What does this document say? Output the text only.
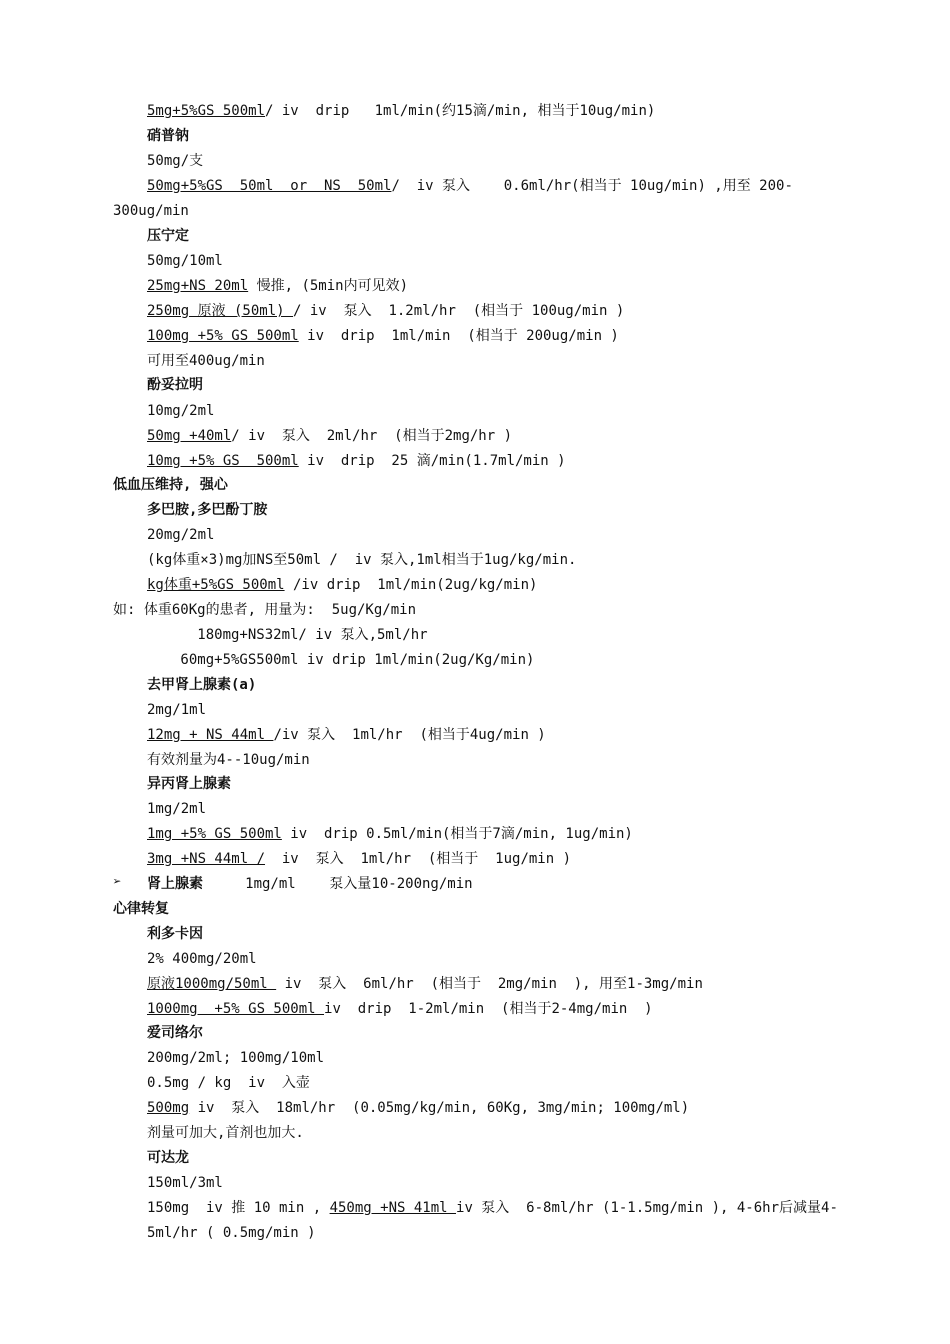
5mg+5%GS 500ml/ iv  drip   1ml/min(约15滴/min, 相当于10ug/min)
硝普钠
50mg/支
50mg+5%GS  50ml  or  NS  50ml/  iv 泵入    0.6ml/hr(相当于 10ug/min) ,用至 200-
300ug/min
压宁定
50mg/10ml
25mg+NS 20ml 慢推, (5min内可见效)
250mg 原液 (50ml) / iv  泵入  1.2ml/hr  (相当于 100ug/min )
100mg +5% GS 500ml iv  drip  1ml/min  (相当于 200ug/min )
可用至400ug/min
酚妥拉明
10mg/2ml
50mg +40ml/ iv  泵入  2ml/hr  (相当于2mg/hr )
10mg +5% GS  500ml iv  drip  25 滴/min(1.7ml/min )
低血压维持, 强心
多巴胺,多巴酚丁胺
20mg/2ml
(kg体重×3)mg加NS至50ml /  iv 泵入,1ml相当于1ug/kg/min.
kg体重+5%GS 500ml /iv drip  1ml/min(2ug/kg/min)
如: 体重60Kg的患者, 用量为:  5ug/Kg/min
180mg+NS32ml/ iv 泵入,5ml/hr
60mg+5%GS500ml iv drip 1ml/min(2ug/Kg/min)
去甲肾上腺素(a)
2mg/1ml
12mg + NS 44ml /iv 泵入  1ml/hr  (相当于4ug/min )
有效剂量为4--10ug/min
异丙肾上腺素
1mg/2ml
1mg +5% GS 500ml iv  drip 0.5ml/min(相当于7滴/min, 1ug/min)
3mg +NS 44ml /  iv  泵入  1ml/hr  (相当于  1ug/min )
肾上腺素     1mg/ml    泵入量10-200ng/min
心律转复
利多卡因
2% 400mg/20ml
原液1000mg/50ml  iv  泵入  6ml/hr  (相当于  2mg/min  ), 用至1-3mg/min
1000mg  +5% GS 500ml iv  drip  1-2ml/min  (相当于2-4mg/min  )
爱司络尔
200mg/2ml; 100mg/10ml
0.5mg / kg  iv  入壶
500mg iv  泵入  18ml/hr  (0.05mg/kg/min, 60Kg, 3mg/min; 100mg/ml)
剂量可加大,首剂也加大.
可达龙
150ml/3ml
150mg  iv 推 10 min , 450mg +NS 41ml iv 泵入  6-8ml/hr (1-1.5mg/min ), 4-6hr后减量4-
5ml/hr ( 0.5mg/min )
➢
